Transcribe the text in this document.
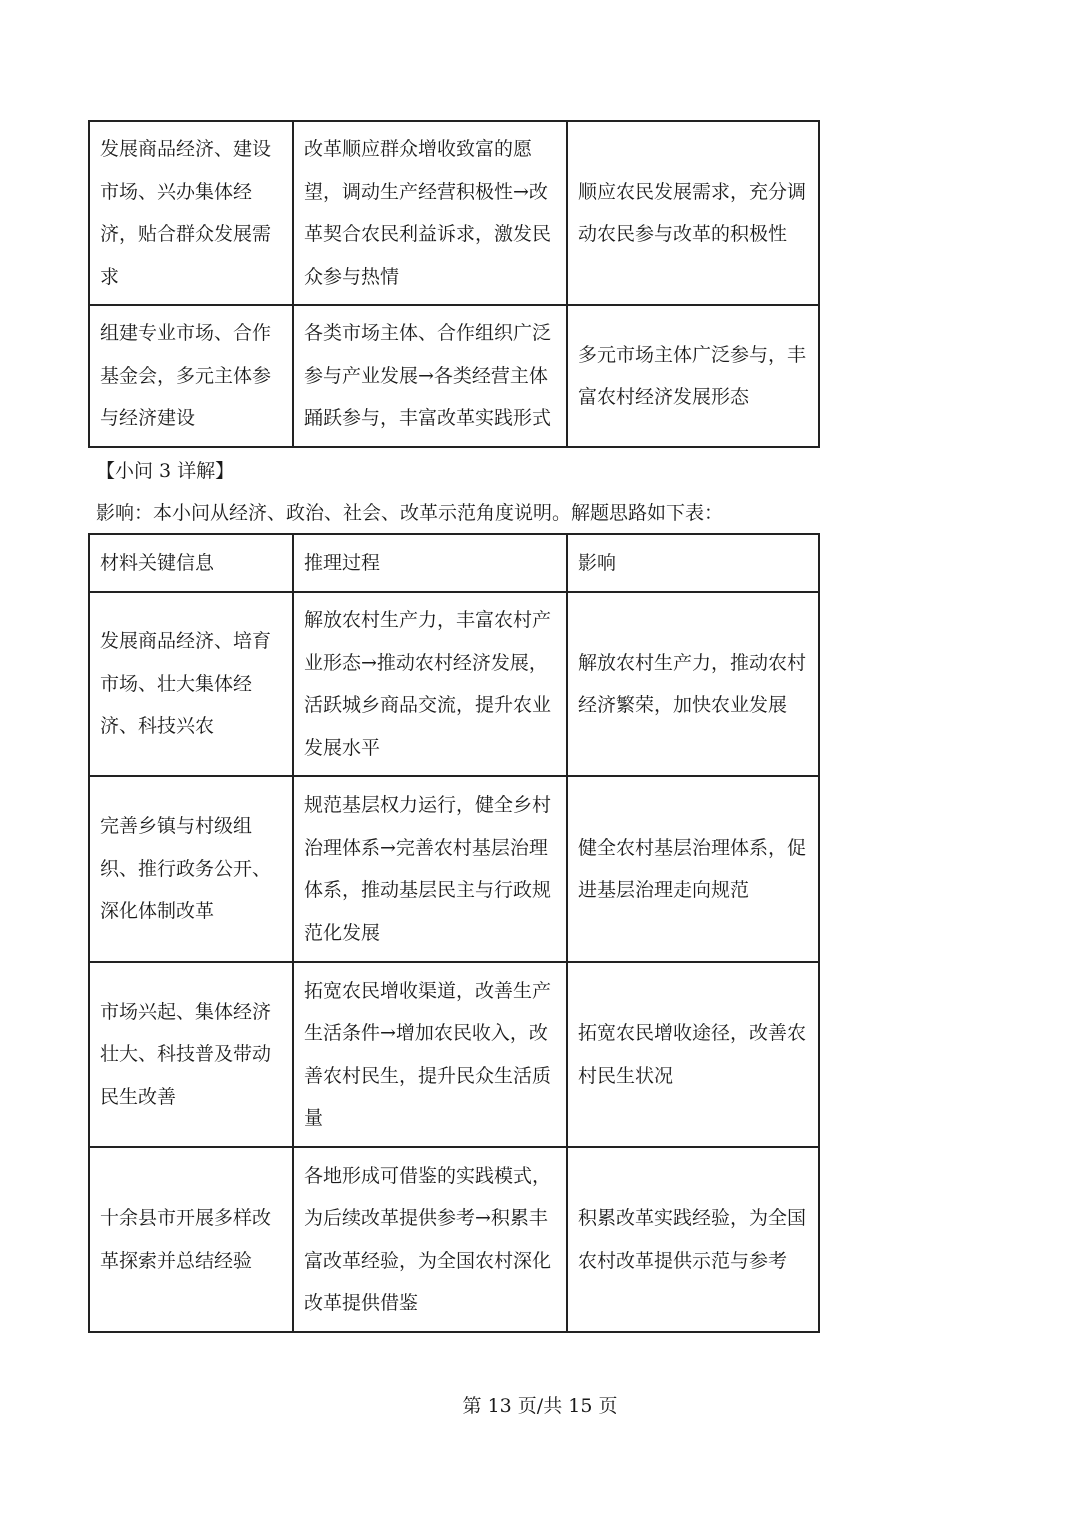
发展商品经济、建设市场、兴办集体经济，贴合群众发展需求	改革顺应群众增收致富的愿望，调动生产经营积极性→改革契合农民利益诉求，激发民众参与热情	顺应农民发展需求，充分调动农民参与改革的积极性
组建专业市场、合作基金会，多元主体参与经济建设	各类市场主体、合作组织广泛参与产业发展→各类经营主体踊跃参与，丰富改革实践形式	多元市场主体广泛参与，丰富农村经济发展形态
【小问 3 详解】
影响：本小问从经济、政治、社会、改革示范角度说明。解题思路如下表：
材料关键信息	推理过程	影响
发展商品经济、培育市场、壮大集体经济、科技兴农	解放农村生产力，丰富农村产业形态→推动农村经济发展，活跃城乡商品交流，提升农业发展水平	解放农村生产力，推动农村经济繁荣，加快农业发展
完善乡镇与村级组织、推行政务公开、深化体制改革	规范基层权力运行，健全乡村治理体系→完善农村基层治理体系，推动基层民主与行政规范化发展	健全农村基层治理体系，促进基层治理走向规范
市场兴起、集体经济壮大、科技普及带动民生改善	拓宽农民增收渠道，改善生产生活条件→增加农民收入，改善农村民生，提升民众生活质量	拓宽农民增收途径，改善农村民生状况
十余县市开展多样改革探索并总结经验	各地形成可借鉴的实践模式，为后续改革提供参考→积累丰富改革经验，为全国农村深化改革提供借鉴	积累改革实践经验，为全国农村改革提供示范与参考
第 13 页/共 15 页
